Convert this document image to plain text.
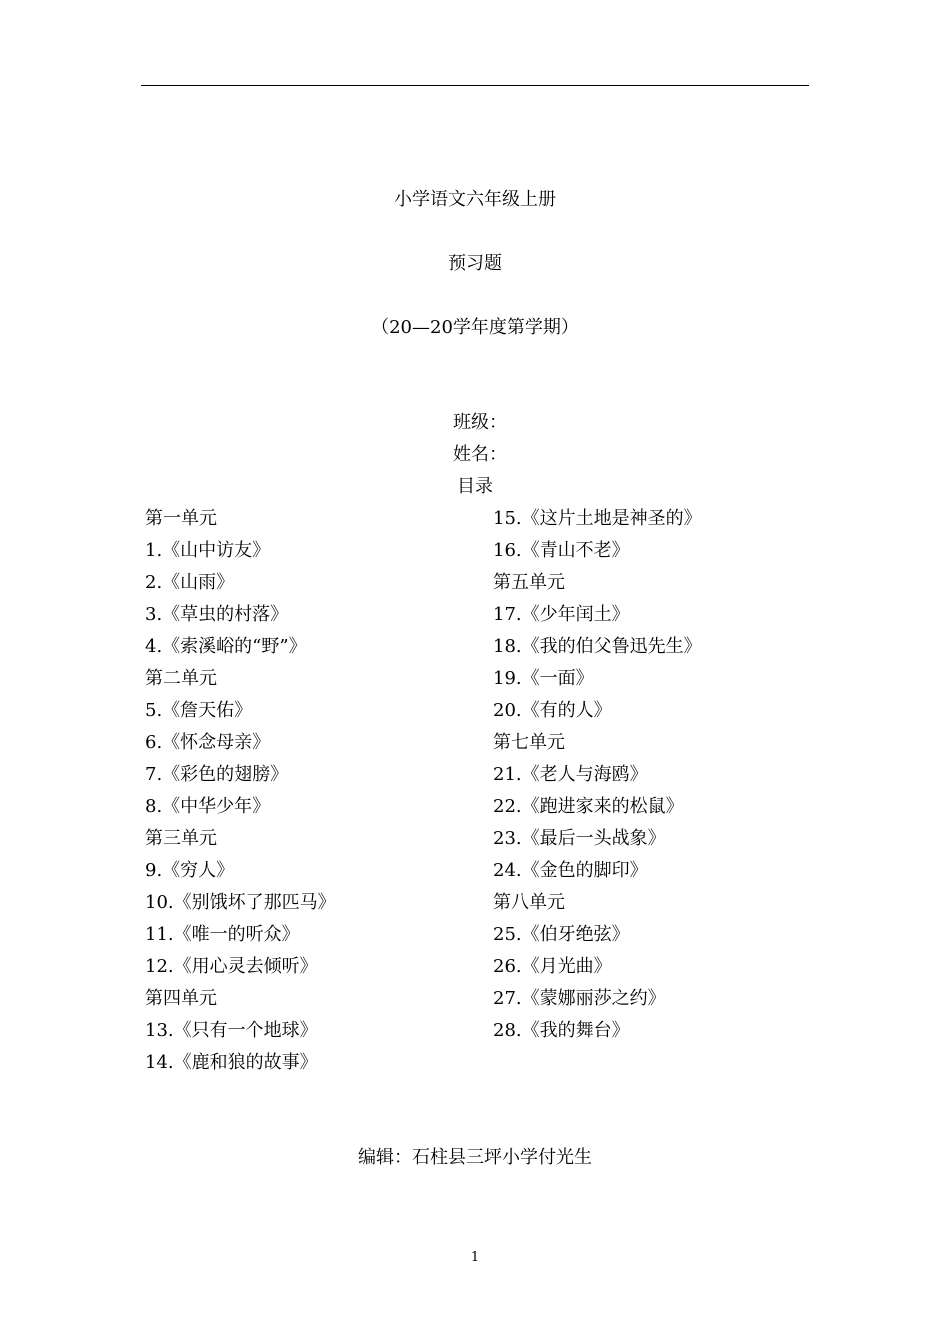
小学语文六年级上册
预习题
（20—20学年度第学期）
班级：
姓名：
目录
第一单元
1.《山中访友》
2.《山雨》
3.《草虫的村落》
4.《索溪峪的“野”》
第二单元
5.《詹天佑》
6.《怀念母亲》
7.《彩色的翅膀》
8.《中华少年》
第三单元
9.《穷人》
10.《别饿坏了那匹马》
11.《唯一的听众》
12.《用心灵去倾听》
第四单元
13.《只有一个地球》
14.《鹿和狼的故事》
15.《这片土地是神圣的》
16.《青山不老》
第五单元
17.《少年闰土》
18.《我的伯父鲁迅先生》
19.《一面》
20.《有的人》
第七单元
21.《老人与海鸥》
22.《跑进家来的松鼠》
23.《最后一头战象》
24.《金色的脚印》
第八单元
25.《伯牙绝弦》
26.《月光曲》
27.《蒙娜丽莎之约》
28.《我的舞台》
编辑：石柱县三坪小学付光生
1
